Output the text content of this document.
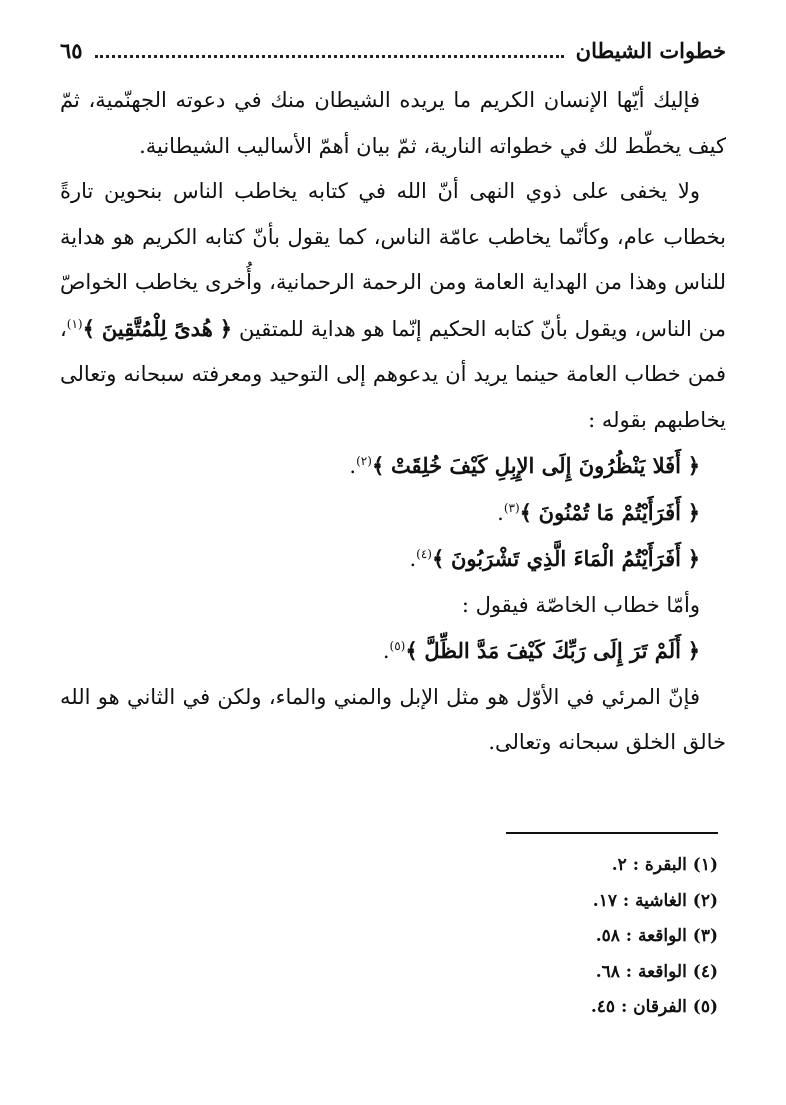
خطوات الشيطان
٦٥

فإليك أيّها الإنسان الكريم ما يريده الشيطان منك في دعوته الجهنّمية، ثمّ كيف يخطّط لك في خطواته النارية، ثمّ بيان أهمّ الأساليب الشيطانية.

ولا يخفى على ذوي النهى أنّ الله في كتابه يخاطب الناس بنحوين تارةً بخطاب عام، وكأنّما يخاطب عامّة الناس، كما يقول بأنّ كتابه الكريم هو هداية للناس وهذا من الهداية العامة ومن الرحمة الرحمانية، وأُخرى يخاطب الخواصّ من الناس، ويقول بأنّ كتابه الحكيم إنّما هو هداية للمتقين ﴿ هُدىً لِلْمُتَّقِينَ ﴾$^{(١)}$، فمن خطاب العامة حينما يريد أن يدعوهم إلى التوحيد ومعرفته سبحانه وتعالى يخاطبهم بقوله :

﴿ أَفَلا يَنْظُرُونَ إِلَى الإِبِلِ كَيْفَ خُلِقَتْ ﴾$^{(٢)}$.

﴿ أَفَرَأَيْتُمْ مَا تُمْنُونَ ﴾$^{(٣)}$.

﴿ أَفَرَأَيْتُمُ الْمَاءَ الَّذِي تَشْرَبُونَ ﴾$^{(٤)}$.

وأمّا خطاب الخاصّة فيقول :

﴿ أَلَمْ تَرَ إِلَى رَبِّكَ كَيْفَ مَدَّ الظِّلَّ ﴾$^{(٥)}$.

فإنّ المرئي في الأوّل هو مثل الإبل والمني والماء، ولكن في الثاني هو الله خالق الخلق سبحانه وتعالى.

(١) البقرة : ٢.
(٢) الغاشية : ١٧.
(٣) الواقعة : ٥٨.
(٤) الواقعة : ٦٨.
(٥) الفرقان : ٤٥.
